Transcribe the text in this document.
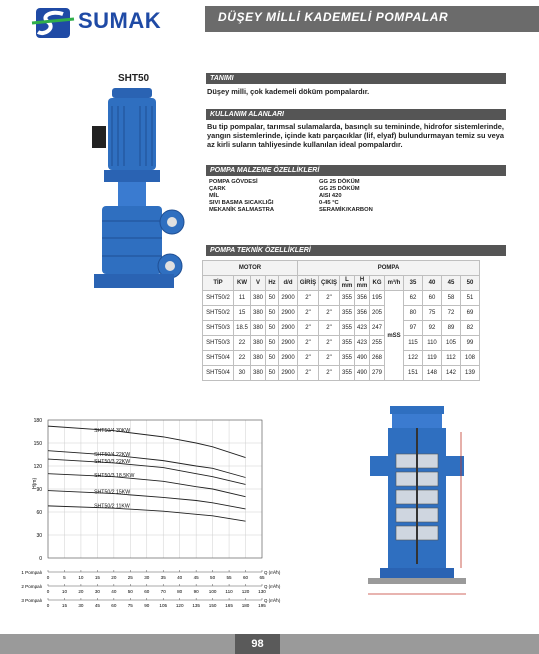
SUMAK	DÜŞEY MİLLİ KADEMELİ POMPALAR
SHT50	TANIMI
Düşey milli, çok kademeli döküm pompalardır.
KULLANIM ALANLARI
Bu tip pompalar, tarımsal sulamalarda, basınçlı su teminindе, hidrofor sistemlerinde, yangın sistemlerinde, içinde katı parçacıklar (lif, elyaf) bulundurmayan temiz su veya az kirli suların tahliyesinde kullanılan ideal pompalardır.
POMPA MALZEME ÖZELLİKLERİ
POMPA GÖVDESİ	GG 25 DÖKÜM
ÇARK	GG 25 DÖKÜM
MİL	AISI 420
SIVI BASMA SICAKLIĞI	0-45 °C
MEKANİK SALMASTRA	SERAMİK/KARBON
POMPA TEKNİK ÖZELLİKLERİ
MOTOR					POMPA									
TİP	KW	V	Hz	d/d	GİRİŞ	ÇIKIŞ	L mm	H mm	KG	m³/h	35	40	45	50
SHT50/2	11	380	50	2900	2"	2"	355	356	195	mSS	62	60	58	51
SHT50/2	15	380	50	2900	2"	2"	355	356	205		80	75	72	69
SHT50/3	18.5	380	50	2900	2"	2"	355	423	247		97	92	89	82
SHT50/3	22	380	50	2900	2"	2"	355	423	255		115	110	105	99
SHT50/4	22	380	50	2900	2"	2"	355	490	268		122	119	112	108
SHT50/4	30	380	50	2900	2"	2"	355	490	279		151	148	142	139
180
150
120
90
60
30
0
H(m)
SHT50/4 30KW
SHT50/4 22KW
SHT50/3 22KW
SHT50/3 18,5KW
SHT50/2 15KW
SHT50/2 11KW
1 Pompalı
0	5	10 15 20 25 30 35 40 45 50 55 60 65
Q (m³/h)
2 Pompalı
0	10 20 30 40 50 60 70 80 90 100 110 120 130
Q (m³/h)
3 Pompalı
0	15 30 45 60 75 90 105 120 135 150 165 180 195
Q (m³/h)
98
